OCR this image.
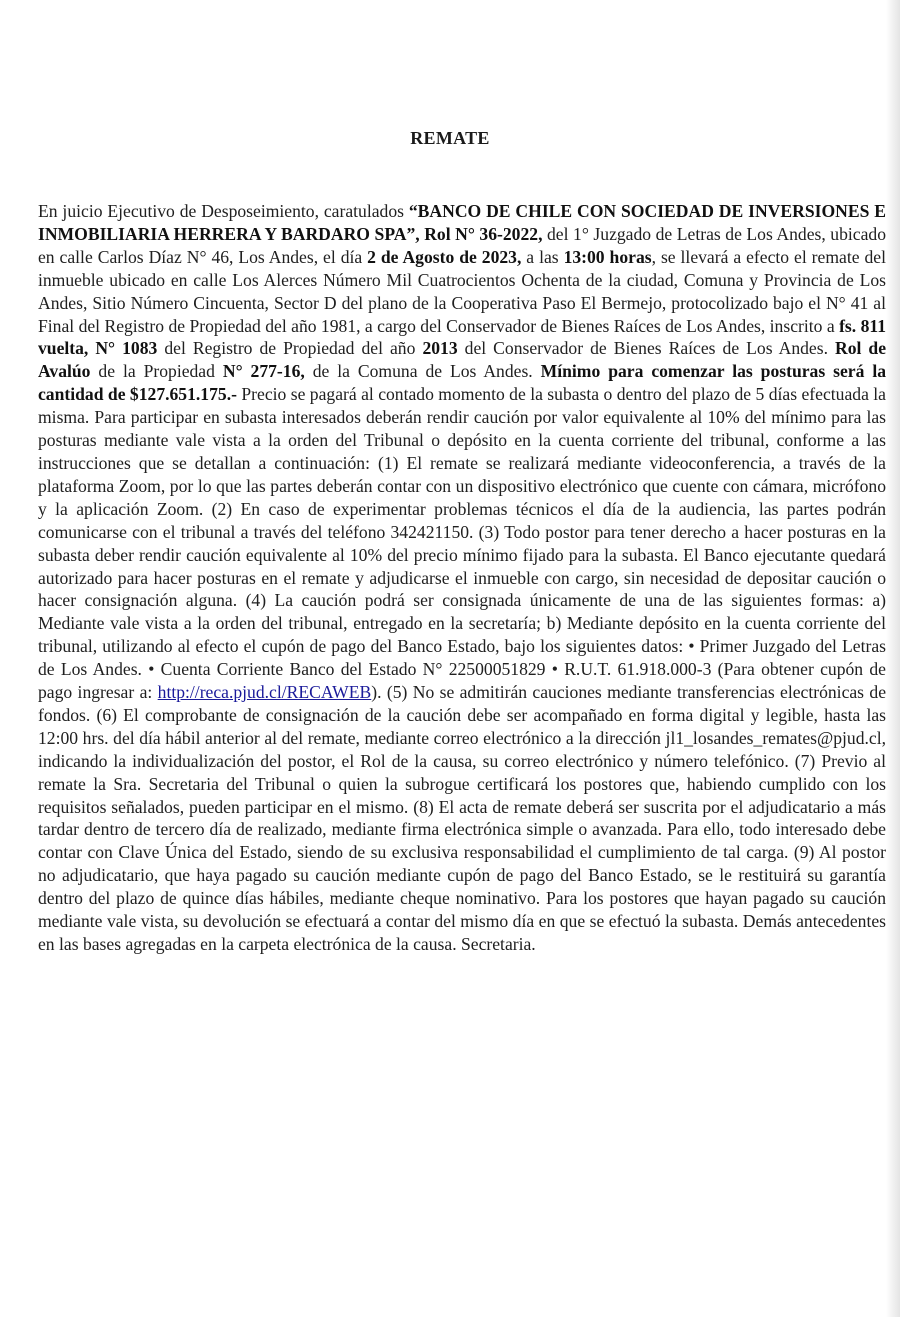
REMATE
En juicio Ejecutivo de Desposeimiento, caratulados “BANCO DE CHILE CON SOCIEDAD DE INVERSIONES E INMOBILIARIA HERRERA Y BARDARO SPA”, Rol N° 36-2022, del 1° Juzgado de Letras de Los Andes, ubicado en calle Carlos Díaz N° 46, Los Andes, el día 2 de Agosto de 2023, a las 13:00 horas, se llevará a efecto el remate del inmueble ubicado en calle Los Alerces Número Mil Cuatrocientos Ochenta de la ciudad, Comuna y Provincia de Los Andes, Sitio Número Cincuenta, Sector D del plano de la Cooperativa Paso El Bermejo, protocolizado bajo el N° 41 al Final del Registro de Propiedad del año 1981, a cargo del Conservador de Bienes Raíces de Los Andes, inscrito a fs. 811 vuelta, N° 1083 del Registro de Propiedad del año 2013 del Conservador de Bienes Raíces de Los Andes. Rol de Avalúo de la Propiedad N° 277-16, de la Comuna de Los Andes. Mínimo para comenzar las posturas será la cantidad de $127.651.175.- Precio se pagará al contado momento de la subasta o dentro del plazo de 5 días efectuada la misma. Para participar en subasta interesados deberán rendir caución por valor equivalente al 10% del mínimo para las posturas mediante vale vista a la orden del Tribunal o depósito en la cuenta corriente del tribunal, conforme a las instrucciones que se detallan a continuación: (1) El remate se realizará mediante videoconferencia, a través de la plataforma Zoom, por lo que las partes deberán contar con un dispositivo electrónico que cuente con cámara, micrófono y la aplicación Zoom. (2) En caso de experimentar problemas técnicos el día de la audiencia, las partes podrán comunicarse con el tribunal a través del teléfono 342421150. (3) Todo postor para tener derecho a hacer posturas en la subasta deber rendir caución equivalente al 10% del precio mínimo fijado para la subasta. El Banco ejecutante quedará autorizado para hacer posturas en el remate y adjudicarse el inmueble con cargo, sin necesidad de depositar caución o hacer consignación alguna. (4) La caución podrá ser consignada únicamente de una de las siguientes formas: a) Mediante vale vista a la orden del tribunal, entregado en la secretaría; b) Mediante depósito en la cuenta corriente del tribunal, utilizando al efecto el cupón de pago del Banco Estado, bajo los siguientes datos: • Primer Juzgado del Letras de Los Andes. • Cuenta Corriente Banco del Estado N° 22500051829 • R.U.T. 61.918.000-3 (Para obtener cupón de pago ingresar a: http://reca.pjud.cl/RECAWEB). (5) No se admitirán cauciones mediante transferencias electrónicas de fondos. (6) El comprobante de consignación de la caución debe ser acompañado en forma digital y legible, hasta las 12:00 hrs. del día hábil anterior al del remate, mediante correo electrónico a la dirección jl1_losandes_remates@pjud.cl, indicando la individualización del postor, el Rol de la causa, su correo electrónico y número telefónico. (7) Previo al remate la Sra. Secretaria del Tribunal o quien la subrogue certificará los postores que, habiendo cumplido con los requisitos señalados, pueden participar en el mismo. (8) El acta de remate deberá ser suscrita por el adjudicatario a más tardar dentro de tercero día de realizado, mediante firma electrónica simple o avanzada. Para ello, todo interesado debe contar con Clave Única del Estado, siendo de su exclusiva responsabilidad el cumplimiento de tal carga. (9) Al postor no adjudicatario, que haya pagado su caución mediante cupón de pago del Banco Estado, se le restituirá su garantía dentro del plazo de quince días hábiles, mediante cheque nominativo. Para los postores que hayan pagado su caución mediante vale vista, su devolución se efectuará a contar del mismo día en que se efectuó la subasta. Demás antecedentes en las bases agregadas en la carpeta electrónica de la causa. Secretaria.
